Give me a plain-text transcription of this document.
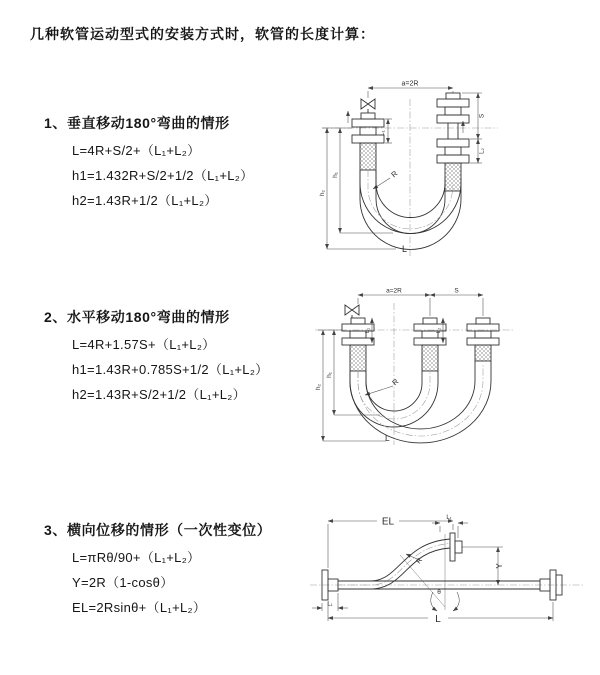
几种软管运动型式的安装方式时，软管的长度计算：
1、垂直移动180°弯曲的情形
L=4R+S/2+（L₁+L₂）
h1=1.432R+S/2+1/2（L₁+L₂）
h2=1.43R+1/2（L₁+L₂）
2、水平移动180°弯曲的情形
L=4R+1.57S+（L₁+L₂）
h1=1.43R+0.785S+1/2（L₁+L₂）
h2=1.43R+S/2+1/2（L₁+L₂）
3、横向位移的情形（一次性变位）
L=πRθ/90+（L₁+L₂）
Y=2R（1-cosθ）
EL=2Rsinθ+（L₁+L₂）
a=2R
L₁
S
L₂
h₁
h₂
R
L
a=2R	S
L₁	L₂
h₁
h₂	R
L
EL	L₁
Y
R
θ
L
L₁
